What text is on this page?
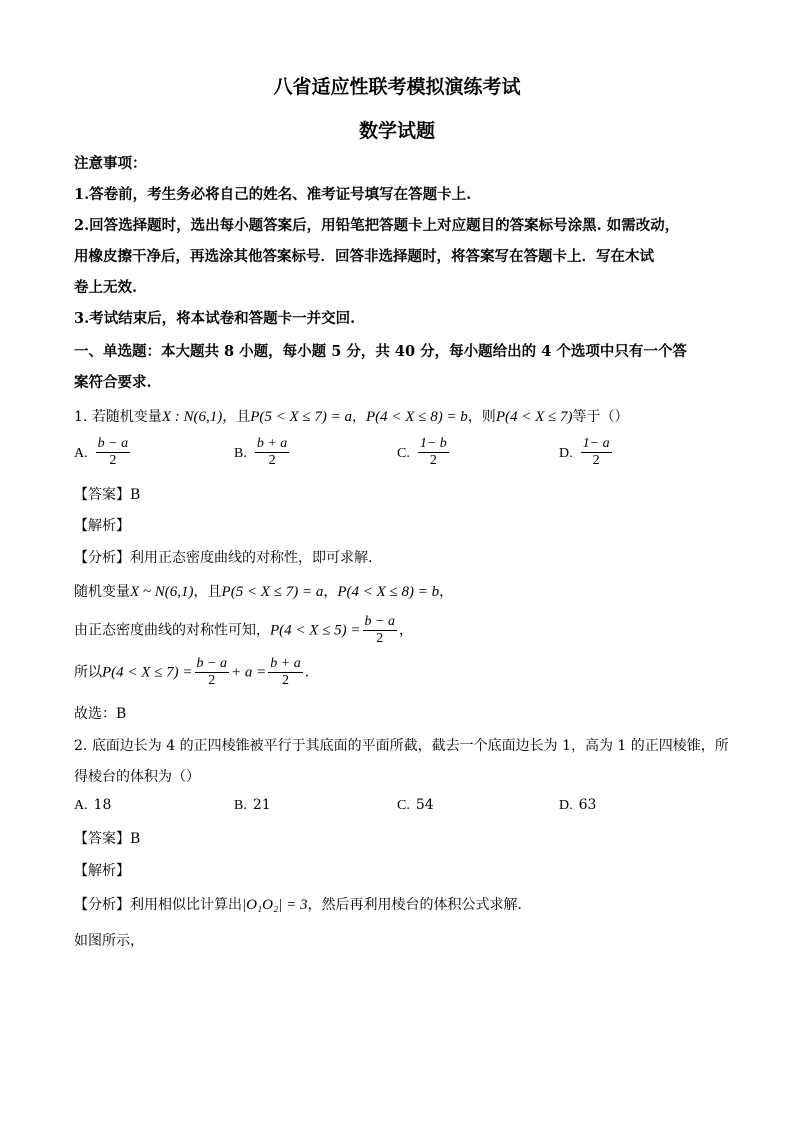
八省适应性联考模拟演练考试
数学试题
注意事项：
1.答卷前，考生务必将自己的姓名、准考证号填写在答题卡上.
2.回答选择题时，选出每小题答案后，用铅笔把答题卡上对应题目的答案标号涂黑. 如需改动，
用橡皮擦干净后，再选涂其他答案标号．回答非选择题时，将答案写在答题卡上．写在木试
卷上无效.
3.考试结束后，将本试卷和答题卡一并交回.
一、单选题：本大题共 8 小题，每小题 5 分，共 40 分，每小题给出的 4 个选项中只有一个答
案符合要求.
1. 若随机变量X : N(6,1)，且P(5 < X ≤ 7) = a，P(4 < X ≤ 8) = b，则P(4 < X ≤ 7)等于（）
A. $\frac{b - a}{2}$	B. $\frac{b + a}{2}$	C. $\frac{1- b}{2}$	D. $\frac{1- a}{2}$
【答案】B
【解析】
【分析】利用正态密度曲线的对称性，即可求解.
随机变量X ~ N(6,1)，且P(5 < X ≤ 7) = a，P(4 < X ≤ 8) = b，
由正态密度曲线的对称性可知，$P(4 < X \le 5) = \frac{b - a}{2}$ ，
所以$P(4 < X \le 7) = \frac{b - a}{2} + a = \frac{b + a}{2}$ .
故选：B
2. 底面边长为 4 的正四棱锥被平行于其底面的平面所截，截去一个底面边长为 1，高为 1 的正四棱锥，所
得棱台的体积为（）
A. 18	B. 21	C. 54	D. 63
【答案】B
【解析】
【分析】利用相似比计算出|O₁O₂| = 3，然后再利用棱台的体积公式求解．
如图所示，
